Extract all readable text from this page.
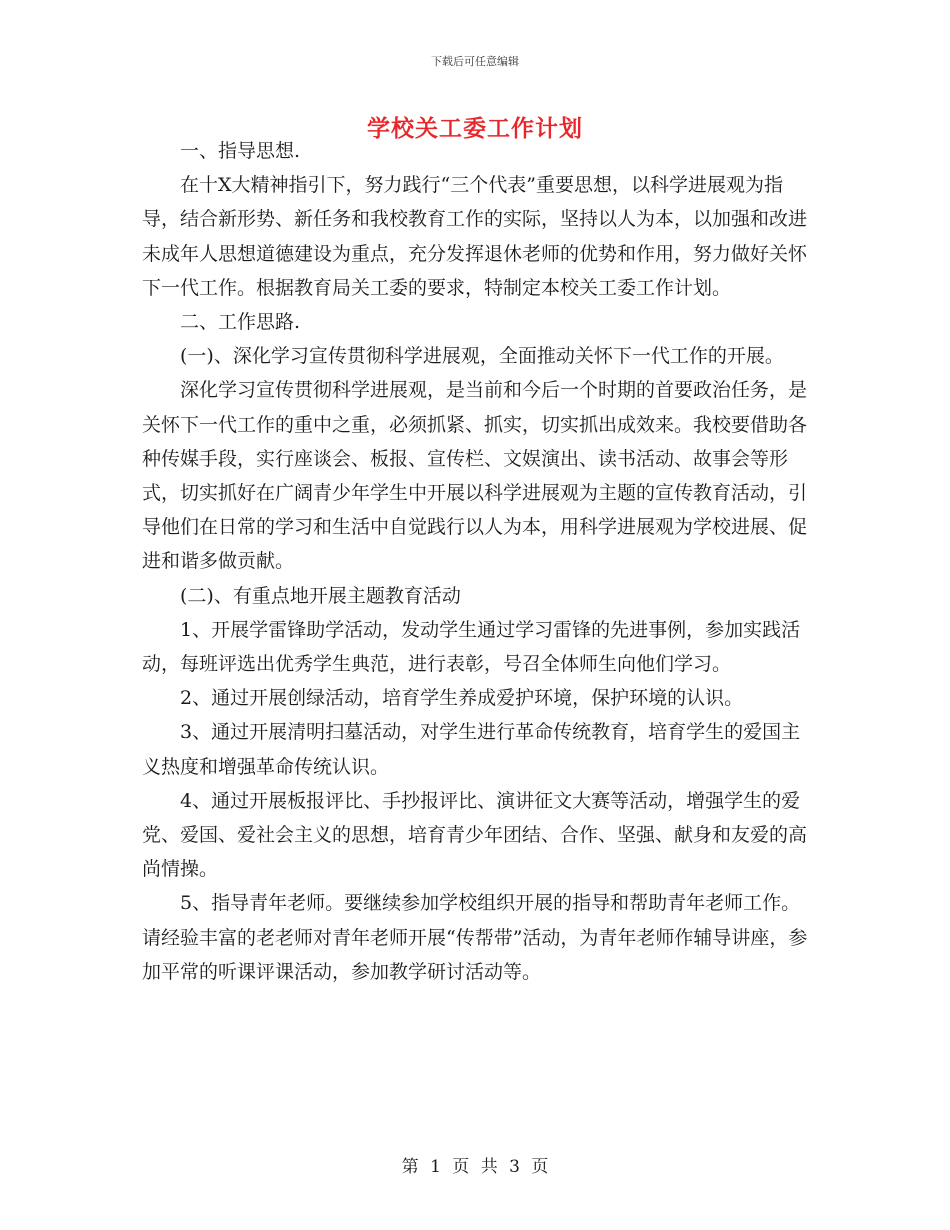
下载后可任意编辑
学校关工委工作计划

一、指导思想.

在十X大精神指引下，努力践行“三个代表”重要思想，以科学进展观为指导，结合新形势、新任务和我校教育工作的实际，坚持以人为本，以加强和改进未成年人思想道德建设为重点，充分发挥退休老师的优势和作用，努力做好关怀下一代工作。根据教育局关工委的要求，特制定本校关工委工作计划。

二、工作思路.

(一)、深化学习宣传贯彻科学进展观，全面推动关怀下一代工作的开展。

深化学习宣传贯彻科学进展观，是当前和今后一个时期的首要政治任务，是关怀下一代工作的重中之重，必须抓紧、抓实，切实抓出成效来。我校要借助各种传媒手段，实行座谈会、板报、宣传栏、文娱演出、读书活动、故事会等形式，切实抓好在广阔青少年学生中开展以科学进展观为主题的宣传教育活动，引导他们在日常的学习和生活中自觉践行以人为本，用科学进展观为学校进展、促进和谐多做贡献。

(二)、有重点地开展主题教育活动

1、开展学雷锋助学活动，发动学生通过学习雷锋的先进事例，参加实践活动，每班评选出优秀学生典范，进行表彰，号召全体师生向他们学习。

2、通过开展创绿活动，培育学生养成爱护环境，保护环境的认识。

3、通过开展清明扫墓活动，对学生进行革命传统教育，培育学生的爱国主义热度和增强革命传统认识。

4、通过开展板报评比、手抄报评比、演讲征文大赛等活动，增强学生的爱党、爱国、爱社会主义的思想，培育青少年团结、合作、坚强、献身和友爱的高尚情操。

5、指导青年老师。要继续参加学校组织开展的指导和帮助青年老师工作。请经验丰富的老老师对青年老师开展“传帮带”活动，为青年老师作辅导讲座，参加平常的听课评课活动，参加教学研讨活动等。

第 1 页 共 3 页
